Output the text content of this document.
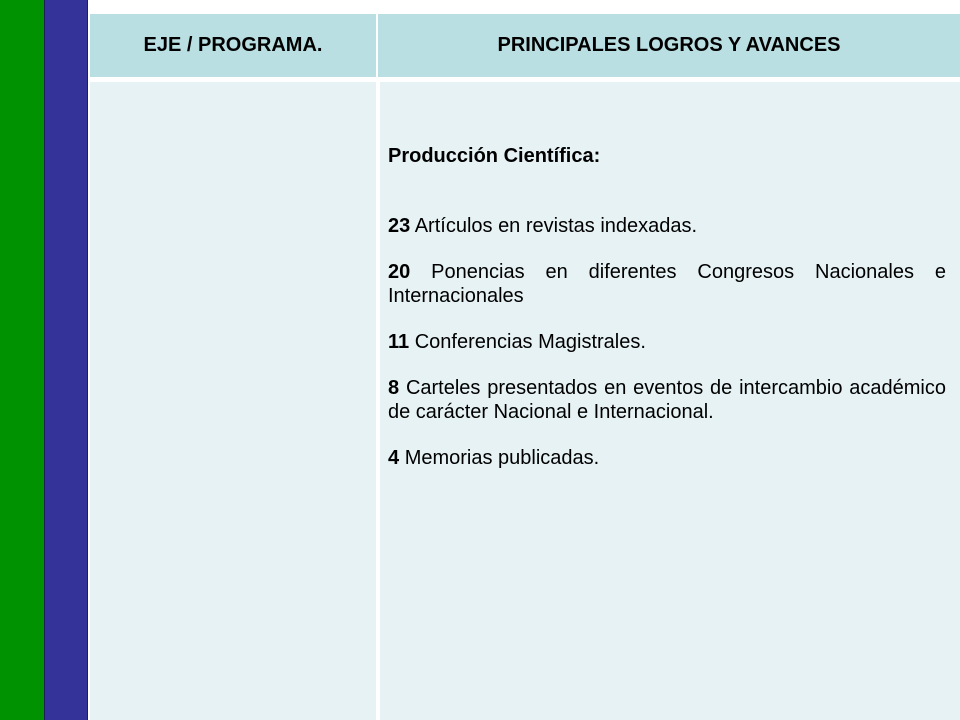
EJE / PROGRAMA.	PRINCIPALES LOGROS Y AVANCES
Producción Científica:
23 Artículos en revistas indexadas.
20 Ponencias en diferentes Congresos Nacionales e Internacionales
11 Conferencias Magistrales.
8 Carteles presentados en eventos de intercambio académico de carácter Nacional e Internacional.
4 Memorias publicadas.
